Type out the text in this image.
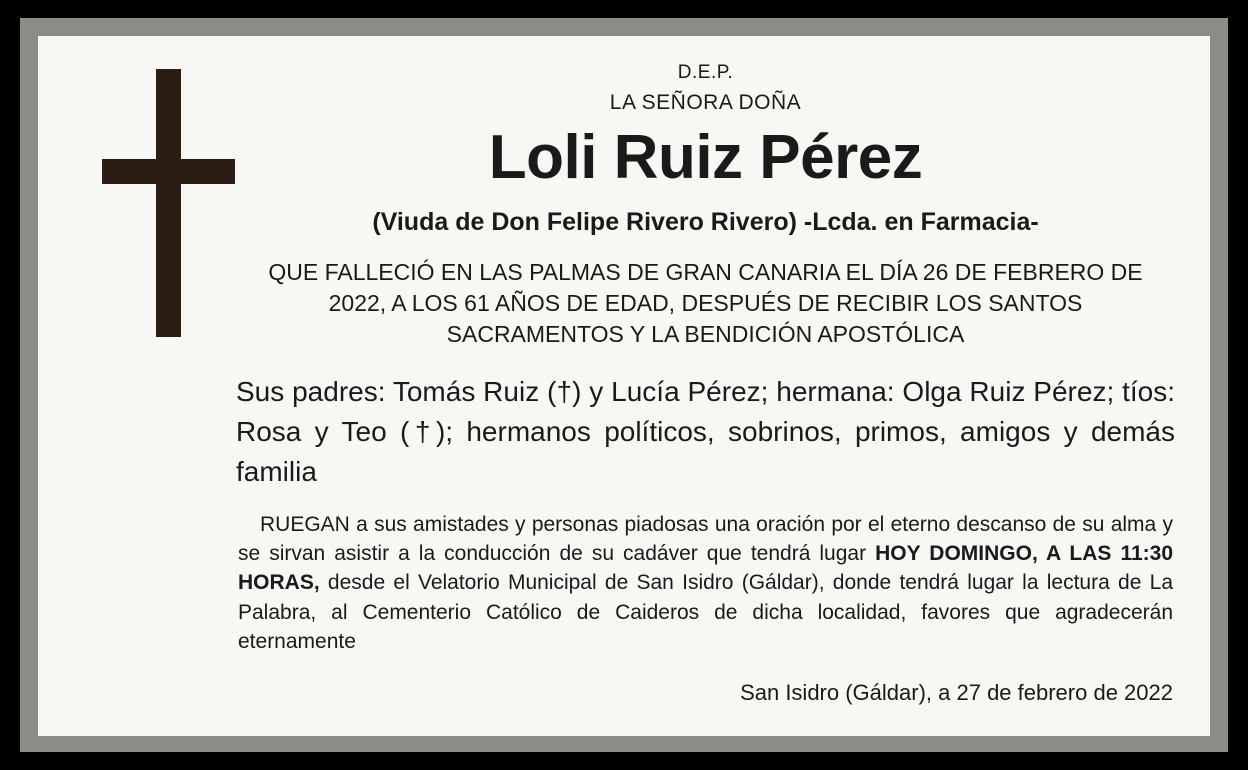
D.E.P.
LA SEÑORA DOÑA
Loli Ruiz Pérez
(Viuda de Don Felipe Rivero Rivero) -Lcda. en Farmacia-
QUE FALLECIÓ EN LAS PALMAS DE GRAN CANARIA EL DÍA 26 DE FEBRERO DE 2022, A LOS 61 AÑOS DE EDAD, DESPUÉS DE RECIBIR LOS SANTOS SACRAMENTOS Y LA BENDICIÓN APOSTÓLICA
Sus padres: Tomás Ruiz (†) y Lucía Pérez; hermana: Olga Ruiz Pérez; tíos: Rosa y Teo (†); hermanos políticos, sobrinos, primos, amigos y demás familia
RUEGAN a sus amistades y personas piadosas una oración por el eterno descanso de su alma y se sirvan asistir a la conducción de su cadáver que tendrá lugar HOY DOMINGO, A LAS 11:30 HORAS, desde el Velatorio Municipal de San Isidro (Gáldar), donde tendrá lugar la lectura de La Palabra, al Cementerio Católico de Caideros de dicha localidad, favores que agradecerán eternamente
San Isidro (Gáldar), a 27 de febrero de 2022
